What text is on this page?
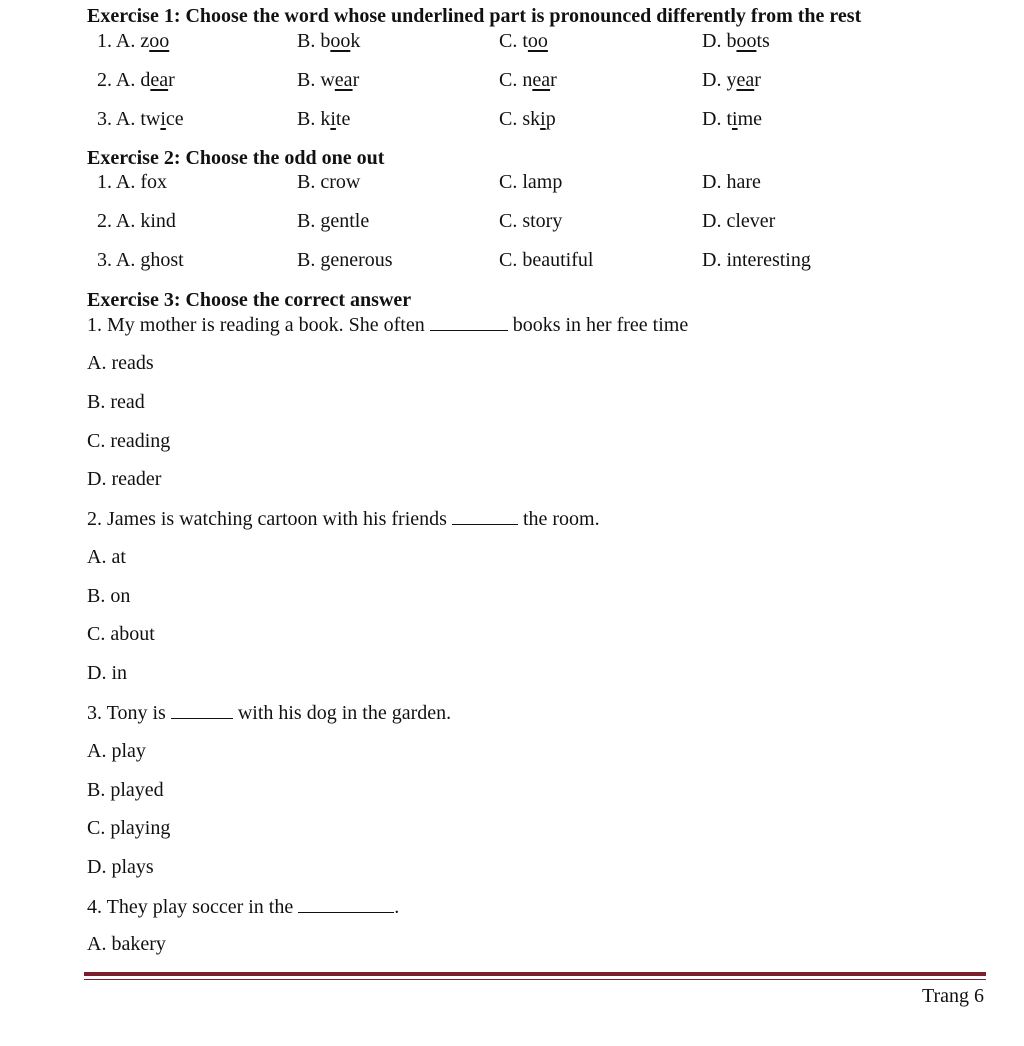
Exercise 1: Choose the word whose underlined part is pronounced differently from the rest
1. A. zoo	B. book	C. too	D. boots
2. A. dear	B. wear	C. near	D. year
3. A. twice	B. kite	C. skip	D. time
Exercise 2: Choose the odd one out
1. A. fox	B. crow	C. lamp	D. hare
2. A. kind	B. gentle	C. story	D. clever
3. A. ghost	B. generous	C. beautiful	D. interesting
Exercise 3: Choose the correct answer
1. My mother is reading a book. She often	books in her free time
A. reads
B. read
C. reading
D. reader
2. James is watching cartoon with his friends	the room.
A. at
B. on
C. about
D. in
3. Tony is	with his dog in the garden.
A. play
B. played
C. playing
D. plays
4. They play soccer in the	.
A. bakery
Trang 6
